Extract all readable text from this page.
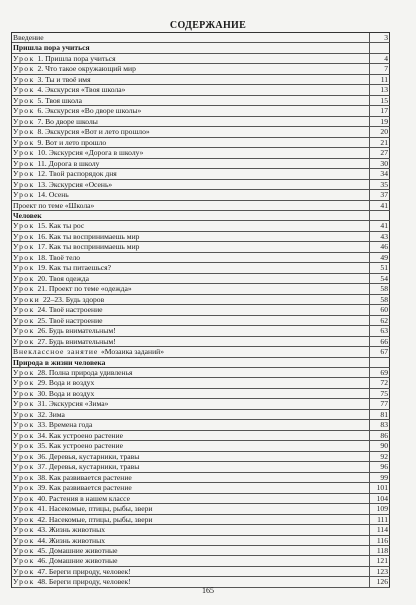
СОДЕРЖАНИЕ
Введение	3
Пришла пора учиться
Урок 1. Пришла пора учиться	4
Урок 2. Что такое окружающий мир	7
Урок 3. Ты и твоё имя	11
Урок 4. Экскурсия «Твоя школа»	13
Урок 5. Твоя школа	15
Урок 6. Экскурсия «Во дворе школы»	17
Урок 7. Во дворе школы	19
Урок 8. Экскурсия «Вот и лето прошло»	20
Урок 9. Вот и лето прошло	21
Урок 10. Экскурсия «Дорога в школу»	27
Урок 11. Дорога в школу	30
Урок 12. Твой распорядок дня	34
Урок 13. Экскурсия «Осень»	35
Урок 14. Осень	37
Проект по теме «Школа»	41
Человек
Урок 15. Как ты рос	41
Урок 16. Как ты воспринимаешь мир	43
Урок 17. Как ты воспринимаешь мир	46
Урок 18. Твоё тело	49
Урок 19. Как ты питаешься?	51
Урок 20. Твоя одежда	54
Урок 21. Проект по теме «одежда»	58
Уроки 22–23. Будь здоров	58
Урок 24. Твоё настроение	60
Урок 25. Твоё настроение	62
Урок 26. Будь внимательным!	63
Урок 27. Будь внимательным!	66
Внеклассное занятие «Мозаика заданий»	67
Природа в жизни человека
Урок 28. Полна природа удивленья	69
Урок 29. Вода и воздух	72
Урок 30. Вода и воздух	75
Урок 31. Экскурсия «Зима»	77
Урок 32. Зима	81
Урок 33. Времена года	83
Урок 34. Как устроено растение	86
Урок 35. Как устроено растение	90
Урок 36. Деревья, кустарники, травы	92
Урок 37. Деревья, кустарники, травы	96
Урок 38. Как развивается растение	99
Урок 39. Как развивается растение	101
Урок 40. Растения в нашем классе	104
Урок 41. Насекомые, птицы, рыбы, звери	109
Урок 42. Насекомые, птицы, рыбы, звери	111
Урок 43. Жизнь животных	114
Урок 44. Жизнь животных	116
Урок 45. Домашние животные	118
Урок 46. Домашние животные	121
Урок 47. Береги природу, человек!	123
Урок 48. Береги природу, человек!	126
165
